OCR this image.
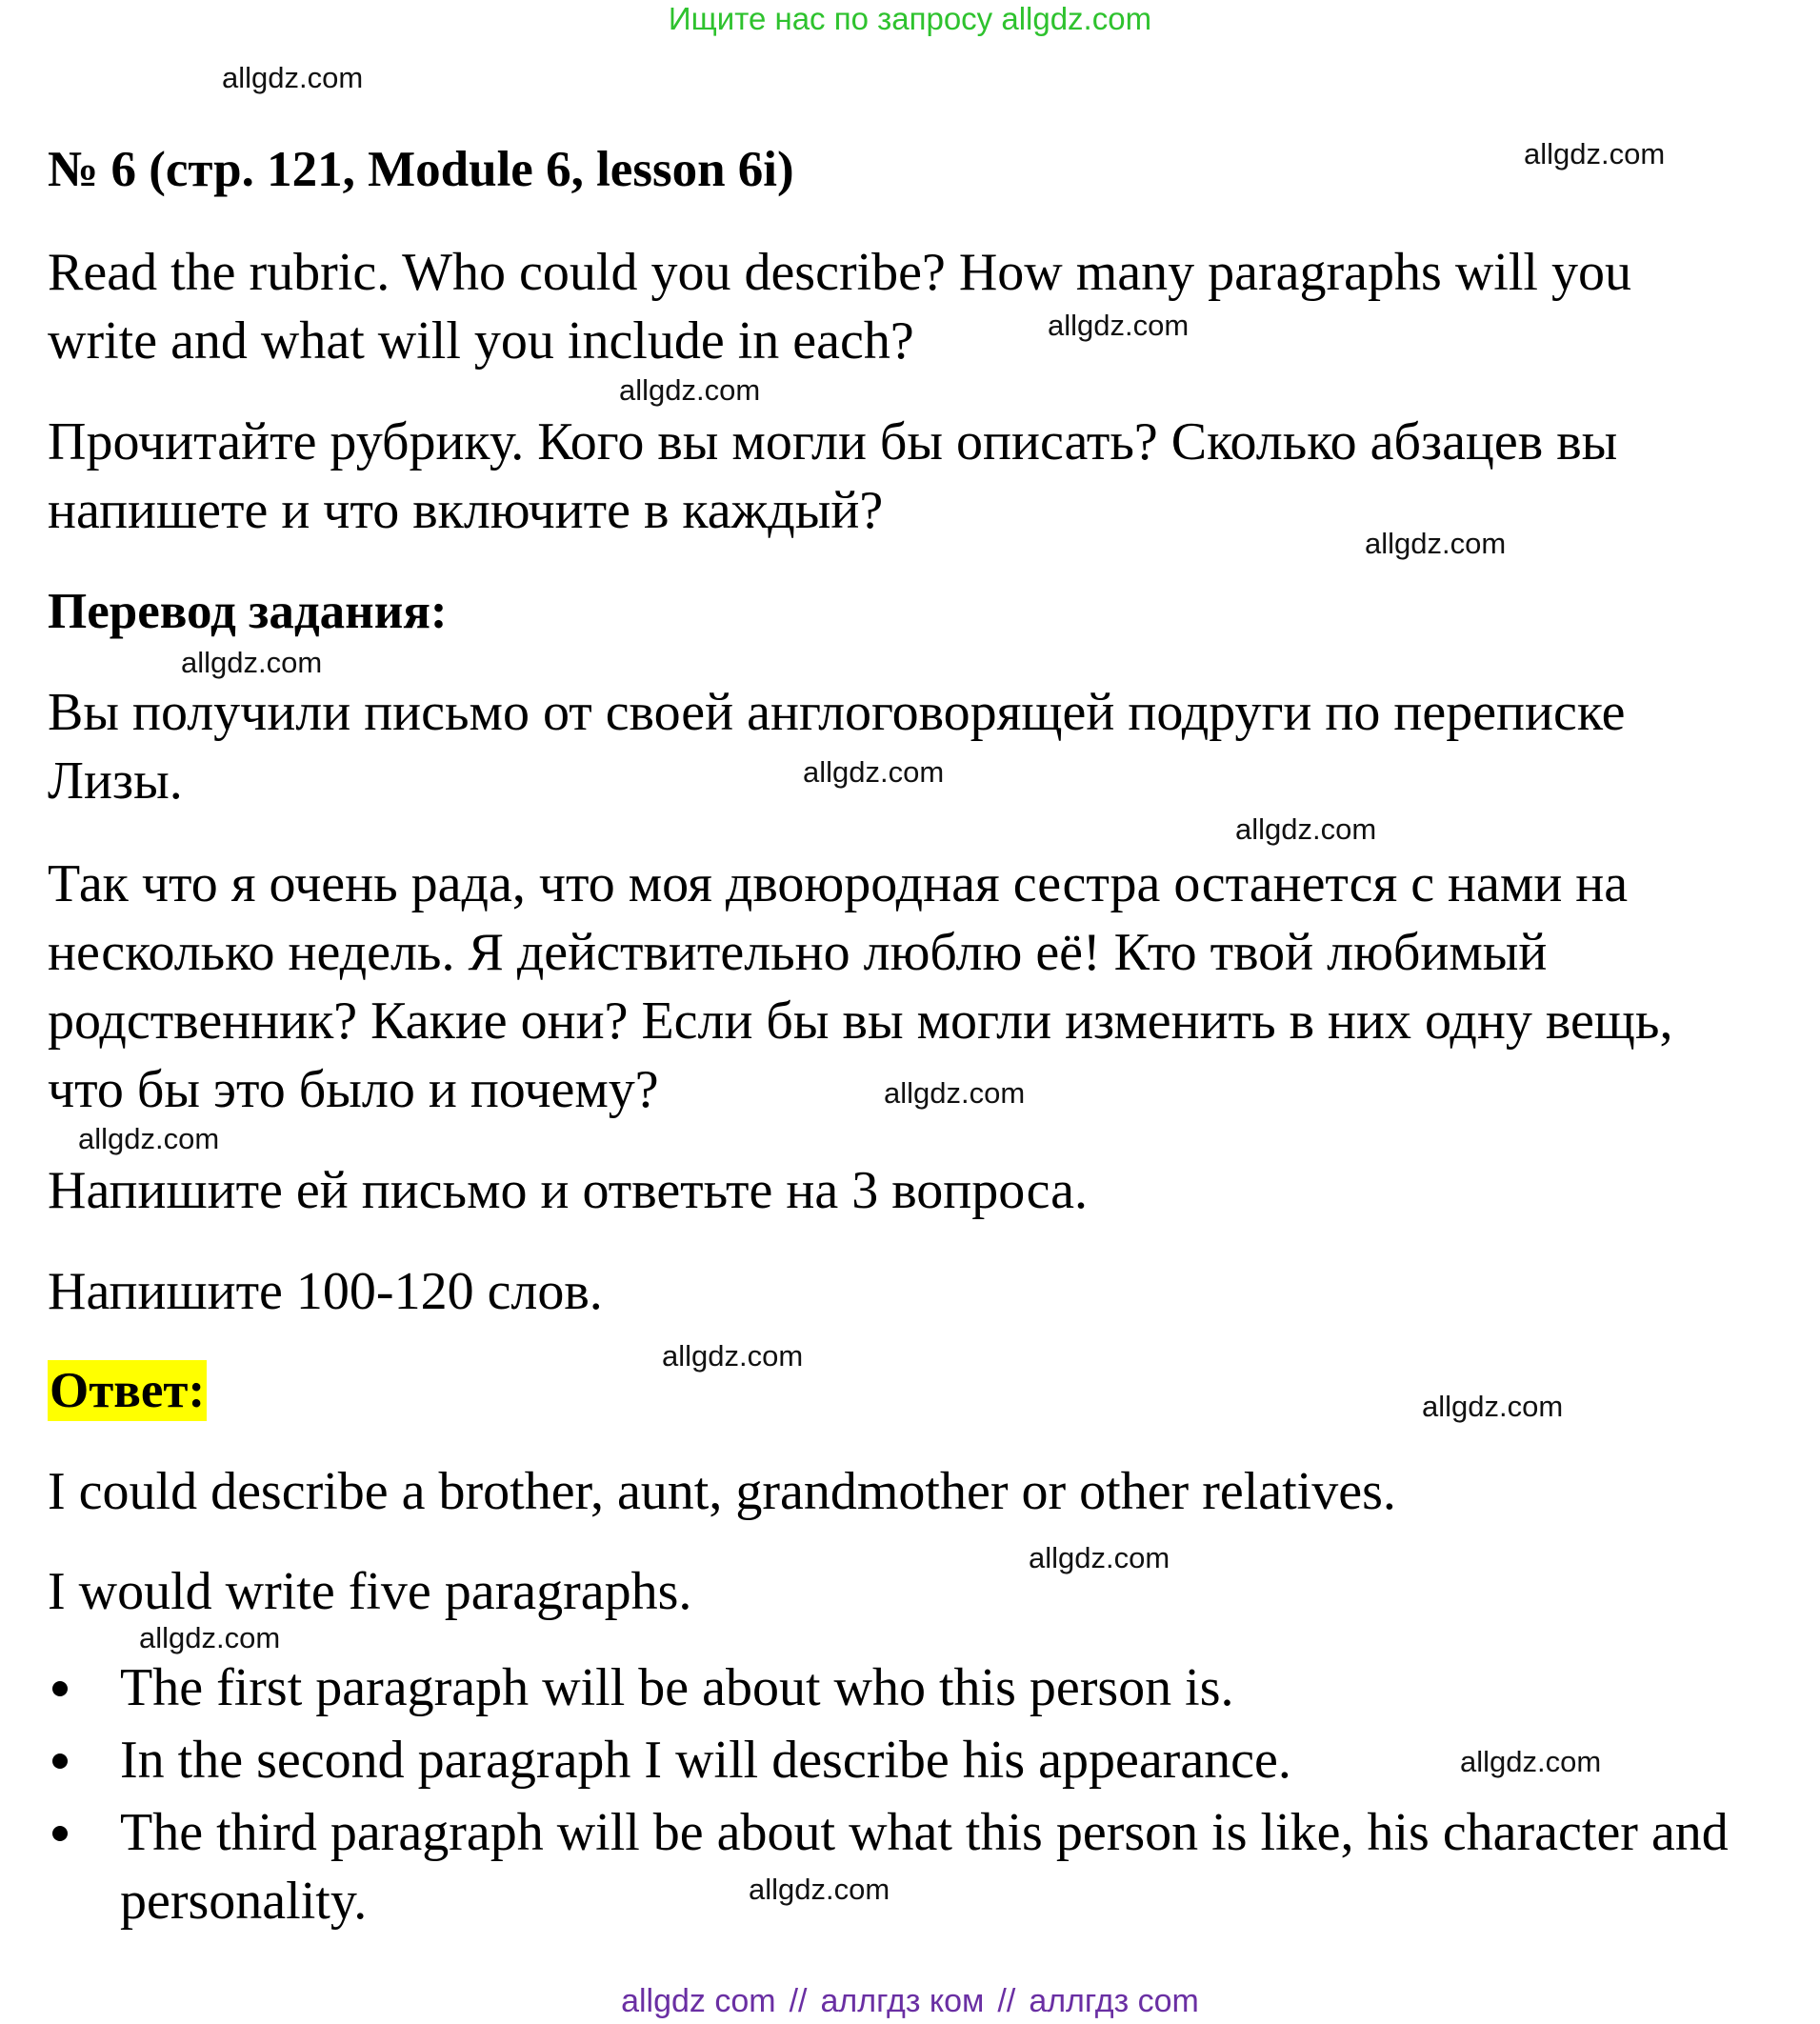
Ищите нас по запросу allgdz.com
allgdz.com
allgdz.com
allgdz.com
allgdz.com
allgdz.com
allgdz.com
allgdz.com
allgdz.com
allgdz.com
allgdz.com
allgdz.com
allgdz.com
allgdz.com
allgdz.com
allgdz.com
allgdz.com
№ 6 (стр. 121, Module 6, lesson 6i)
Read the rubric. Who could you describe? How many paragraphs will you write and what will you include in each?
Прочитайте рубрику. Кого вы могли бы описать? Сколько абзацев вы напишете и что включите в каждый?
Перевод задания:
Вы получили письмо от своей англоговорящей подруги по переписке Лизы.
Так что я очень рада, что моя двоюродная сестра останется с нами на несколько недель. Я действительно люблю её! Кто твой любимый родственник? Какие они? Если бы вы могли изменить в них одну вещь, что бы это было и почему?
Напишите ей письмо и ответьте на 3 вопроса.
Напишите 100-120 слов.
Ответ:
I could describe a brother, aunt, grandmother or other relatives.
I would write five paragraphs.
The first paragraph will be about who this person is.
In the second paragraph I will describe his appearance.
The third paragraph will be about what this person is like, his character and personality.
allgdz com // аллгдз ком // аллгдз com
